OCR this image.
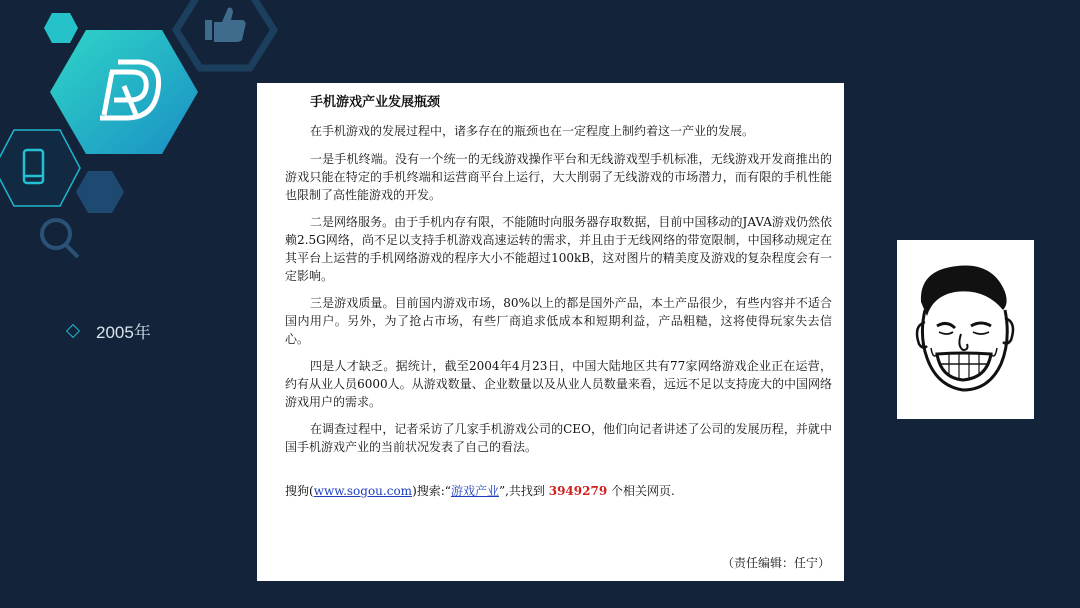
2005年
手机游戏产业发展瓶颈

在手机游戏的发展过程中，诸多存在的瓶颈也在一定程度上制约着这一产业的发展。

一是手机终端。没有一个统一的无线游戏操作平台和无线游戏型手机标准，无线游戏开发商推出的游戏只能在特定的手机终端和运营商平台上运行，大大削弱了无线游戏的市场潜力，而有限的手机性能也限制了高性能游戏的开发。

二是网络服务。由于手机内存有限，不能随时向服务器存取数据，目前中国移动的JAVA游戏仍然依赖2.5G网络，尚不足以支持手机游戏高速运转的需求，并且由于无线网络的带宽限制，中国移动规定在其平台上运营的手机网络游戏的程序大小不能超过100kB，这对图片的精美度及游戏的复杂程度会有一定影响。

三是游戏质量。目前国内游戏市场，80%以上的都是国外产品，本土产品很少，有些内容并不适合国内用户。另外，为了抢占市场，有些厂商追求低成本和短期利益，产品粗糙，这将使得玩家失去信心。

四是人才缺乏。据统计，截至2004年4月23日，中国大陆地区共有77家网络游戏企业正在运营，约有从业人员6000人。从游戏数量、企业数量以及从业人员数量来看，远远不足以支持庞大的中国网络游戏用户的需求。

在调查过程中，记者采访了几家手机游戏公司的CEO，他们向记者讲述了公司的发展历程，并就中国手机游戏产业的当前状况发表了自己的看法。

搜狗(www.sogou.com)搜索:“游戏产业”,共找到 3949279 个相关网页.
（责任编辑：任宁）
